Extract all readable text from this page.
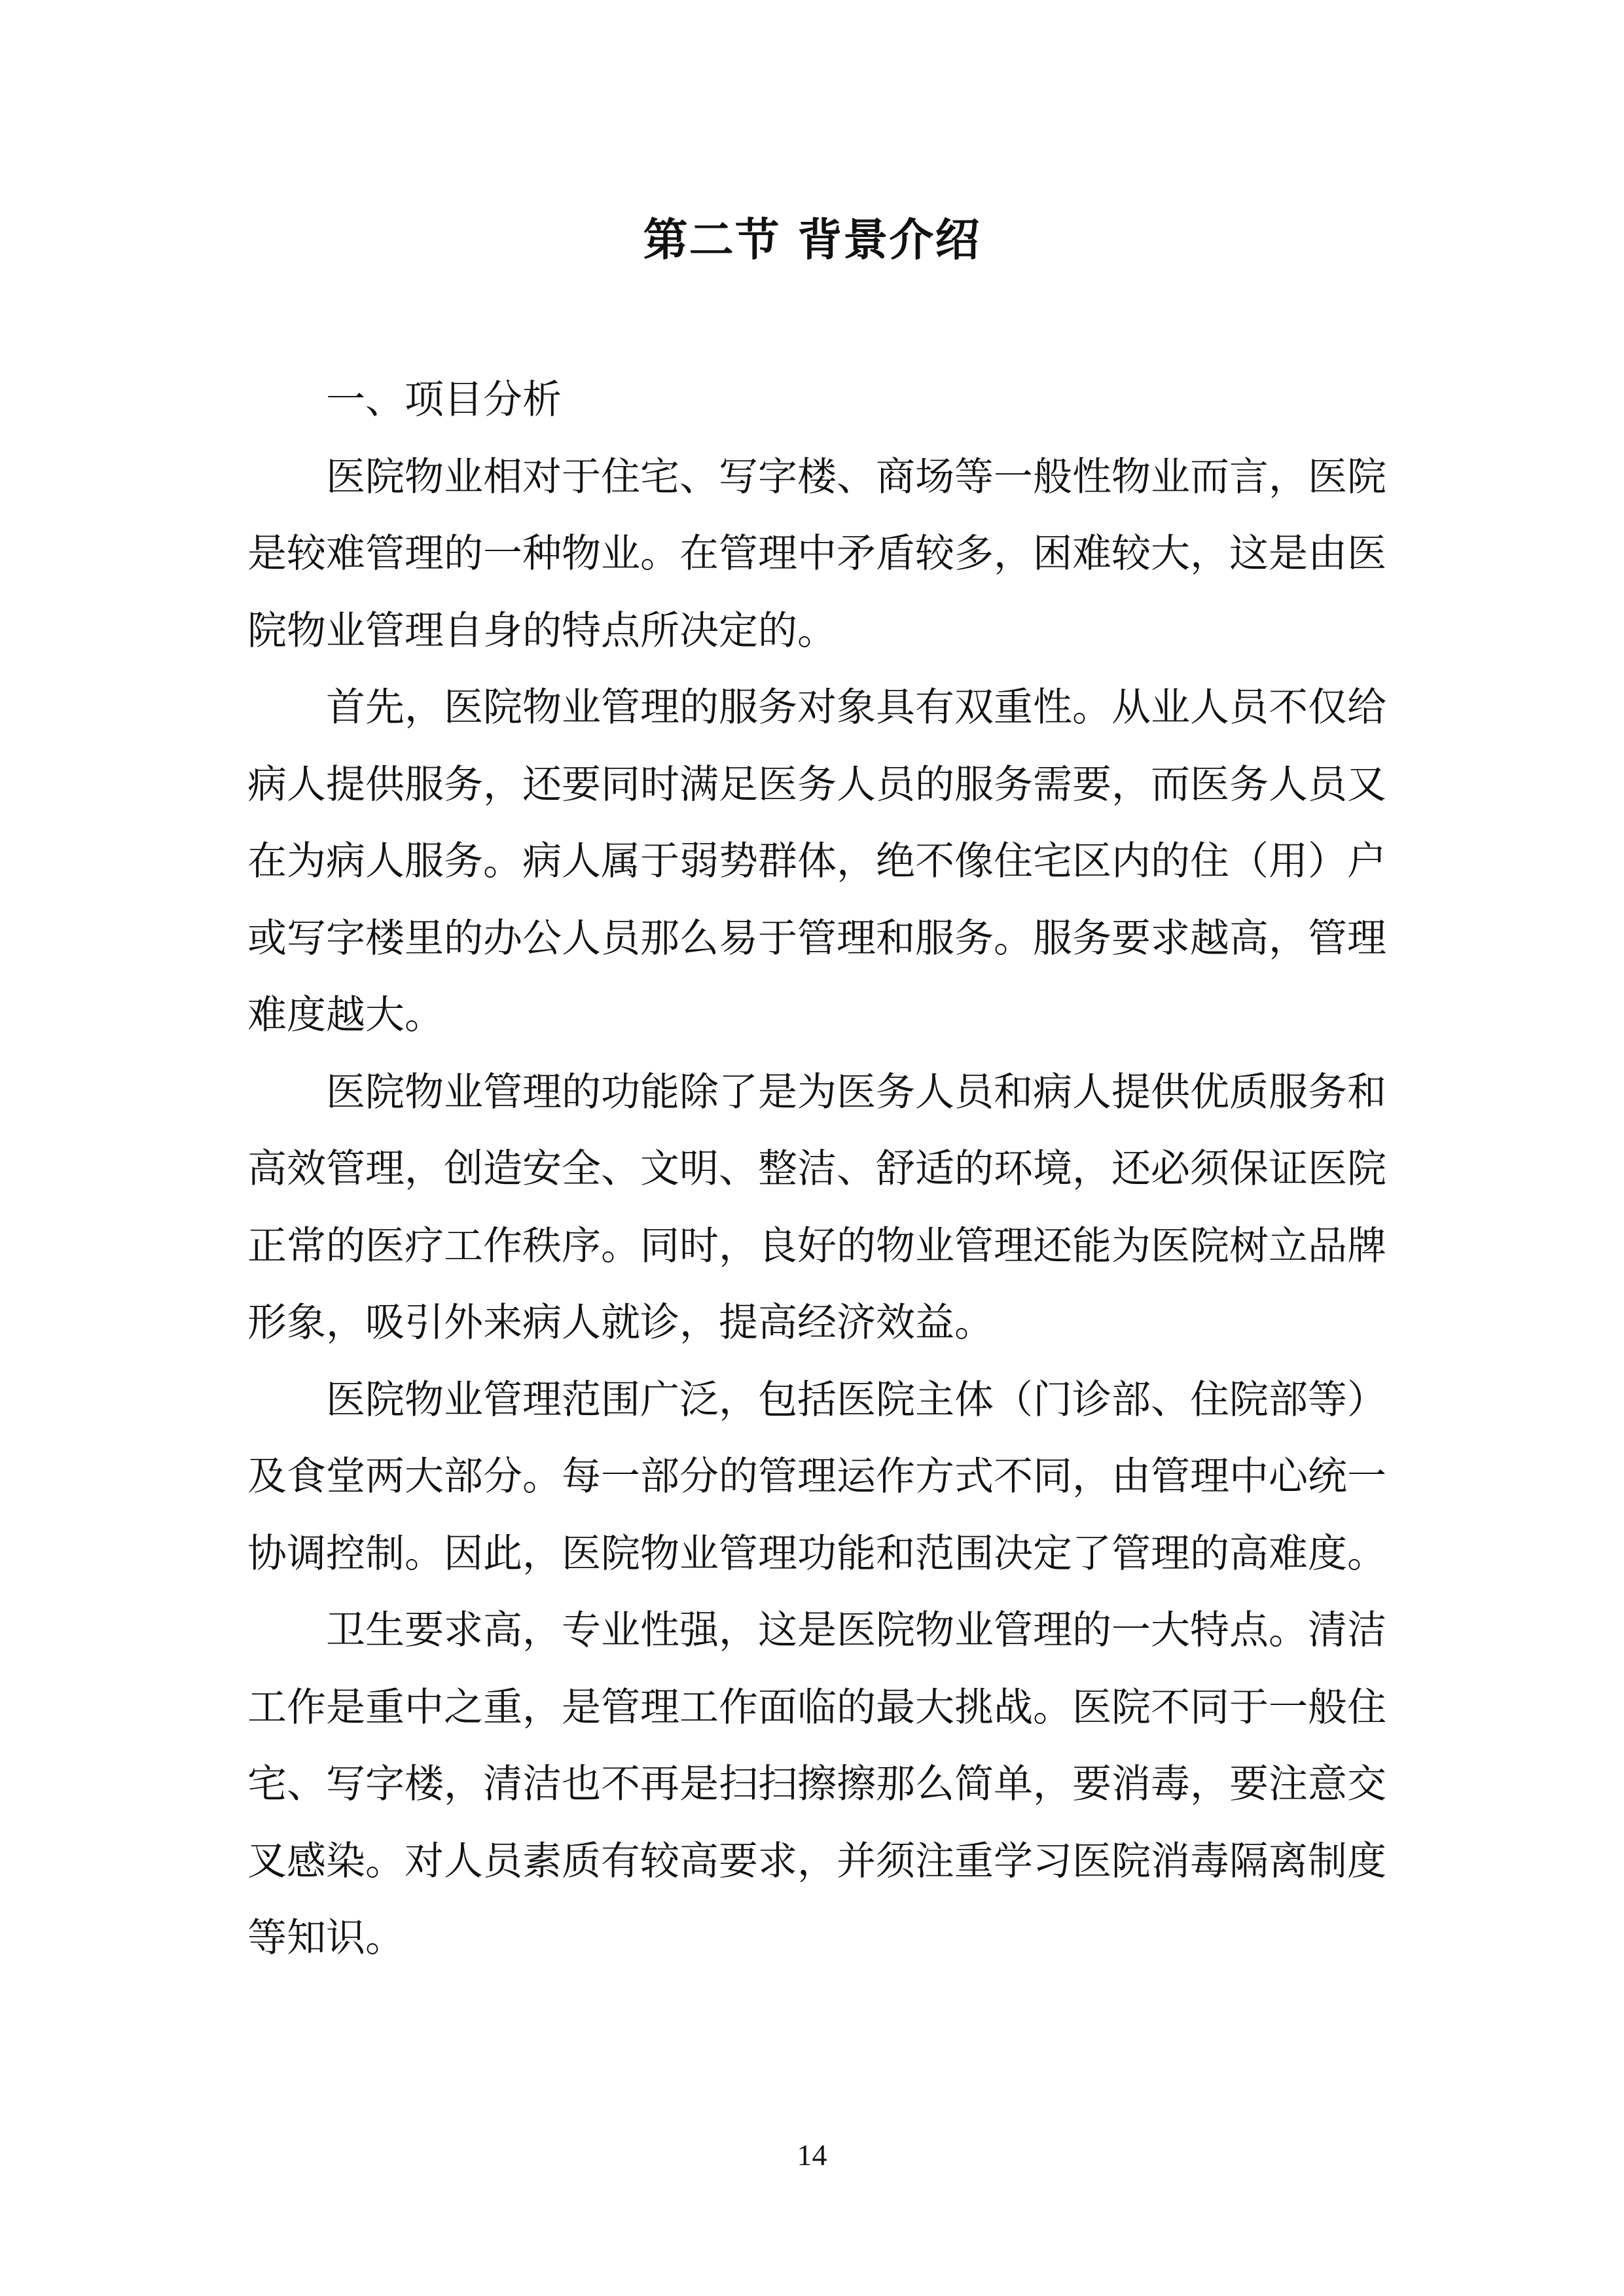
第二节 背景介绍

一、项目分析

医院物业相对于住宅、写字楼、商场等一般性物业而言，医院是较难管理的一种物业。在管理中矛盾较多，困难较大，这是由医院物业管理自身的特点所决定的。

首先，医院物业管理的服务对象具有双重性。从业人员不仅给病人提供服务，还要同时满足医务人员的服务需要，而医务人员又在为病人服务。病人属于弱势群体，绝不像住宅区内的住（用）户或写字楼里的办公人员那么易于管理和服务。服务要求越高，管理难度越大。

医院物业管理的功能除了是为医务人员和病人提供优质服务和高效管理，创造安全、文明、整洁、舒适的环境，还必须保证医院正常的医疗工作秩序。同时，良好的物业管理还能为医院树立品牌形象，吸引外来病人就诊，提高经济效益。

医院物业管理范围广泛，包括医院主体（门诊部、住院部等）及食堂两大部分。每一部分的管理运作方式不同，由管理中心统一协调控制。因此，医院物业管理功能和范围决定了管理的高难度。

卫生要求高，专业性强，这是医院物业管理的一大特点。清洁工作是重中之重，是管理工作面临的最大挑战。医院不同于一般住宅、写字楼，清洁也不再是扫扫擦擦那么简单，要消毒，要注意交叉感染。对人员素质有较高要求，并须注重学习医院消毒隔离制度等知识。

14
